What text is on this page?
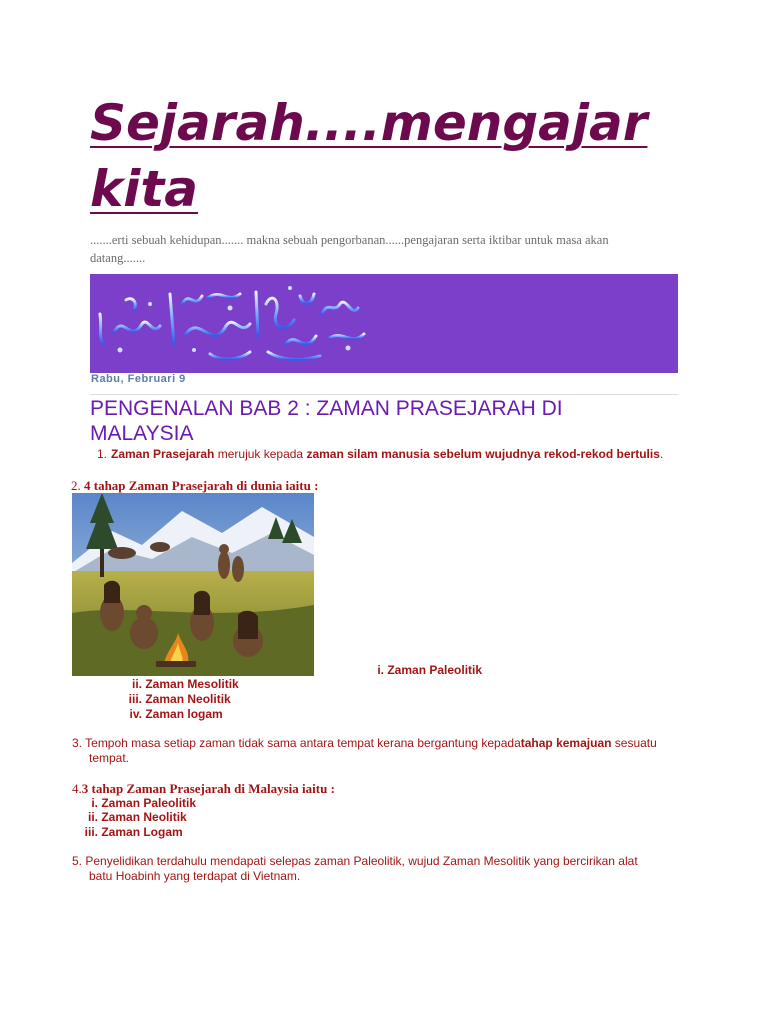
Sejarah....mengajar kita

.......erti sebuah kehidupan....... makna sebuah pengorbanan......pengajaran serta iktibar untuk masa akan
datang.......

Rabu, Februari 9
PENGENALAN BAB 2 : ZAMAN PRASEJARAH DI
MALAYSIA
1. Zaman Prasejarah merujuk kepada zaman silam manusia sebelum wujudnya rekod-rekod bertulis.
2. 4 tahap Zaman Prasejarah di dunia iaitu :
i. Zaman Paleolitik
ii. Zaman Mesolitik
iii. Zaman Neolitik
iv. Zaman logam
3. Tempoh masa setiap zaman tidak sama antara tempat kerana bergantung kepadatahap kemajuan sesuatu
tempat.
4.3 tahap Zaman Prasejarah di Malaysia iaitu :
i. Zaman Paleolitik
ii. Zaman Neolitik
iii. Zaman Logam
5. Penyelidikan terdahulu mendapati selepas zaman Paleolitik, wujud Zaman Mesolitik yang bercirikan alat
batu Hoabinh yang terdapat di Vietnam.
